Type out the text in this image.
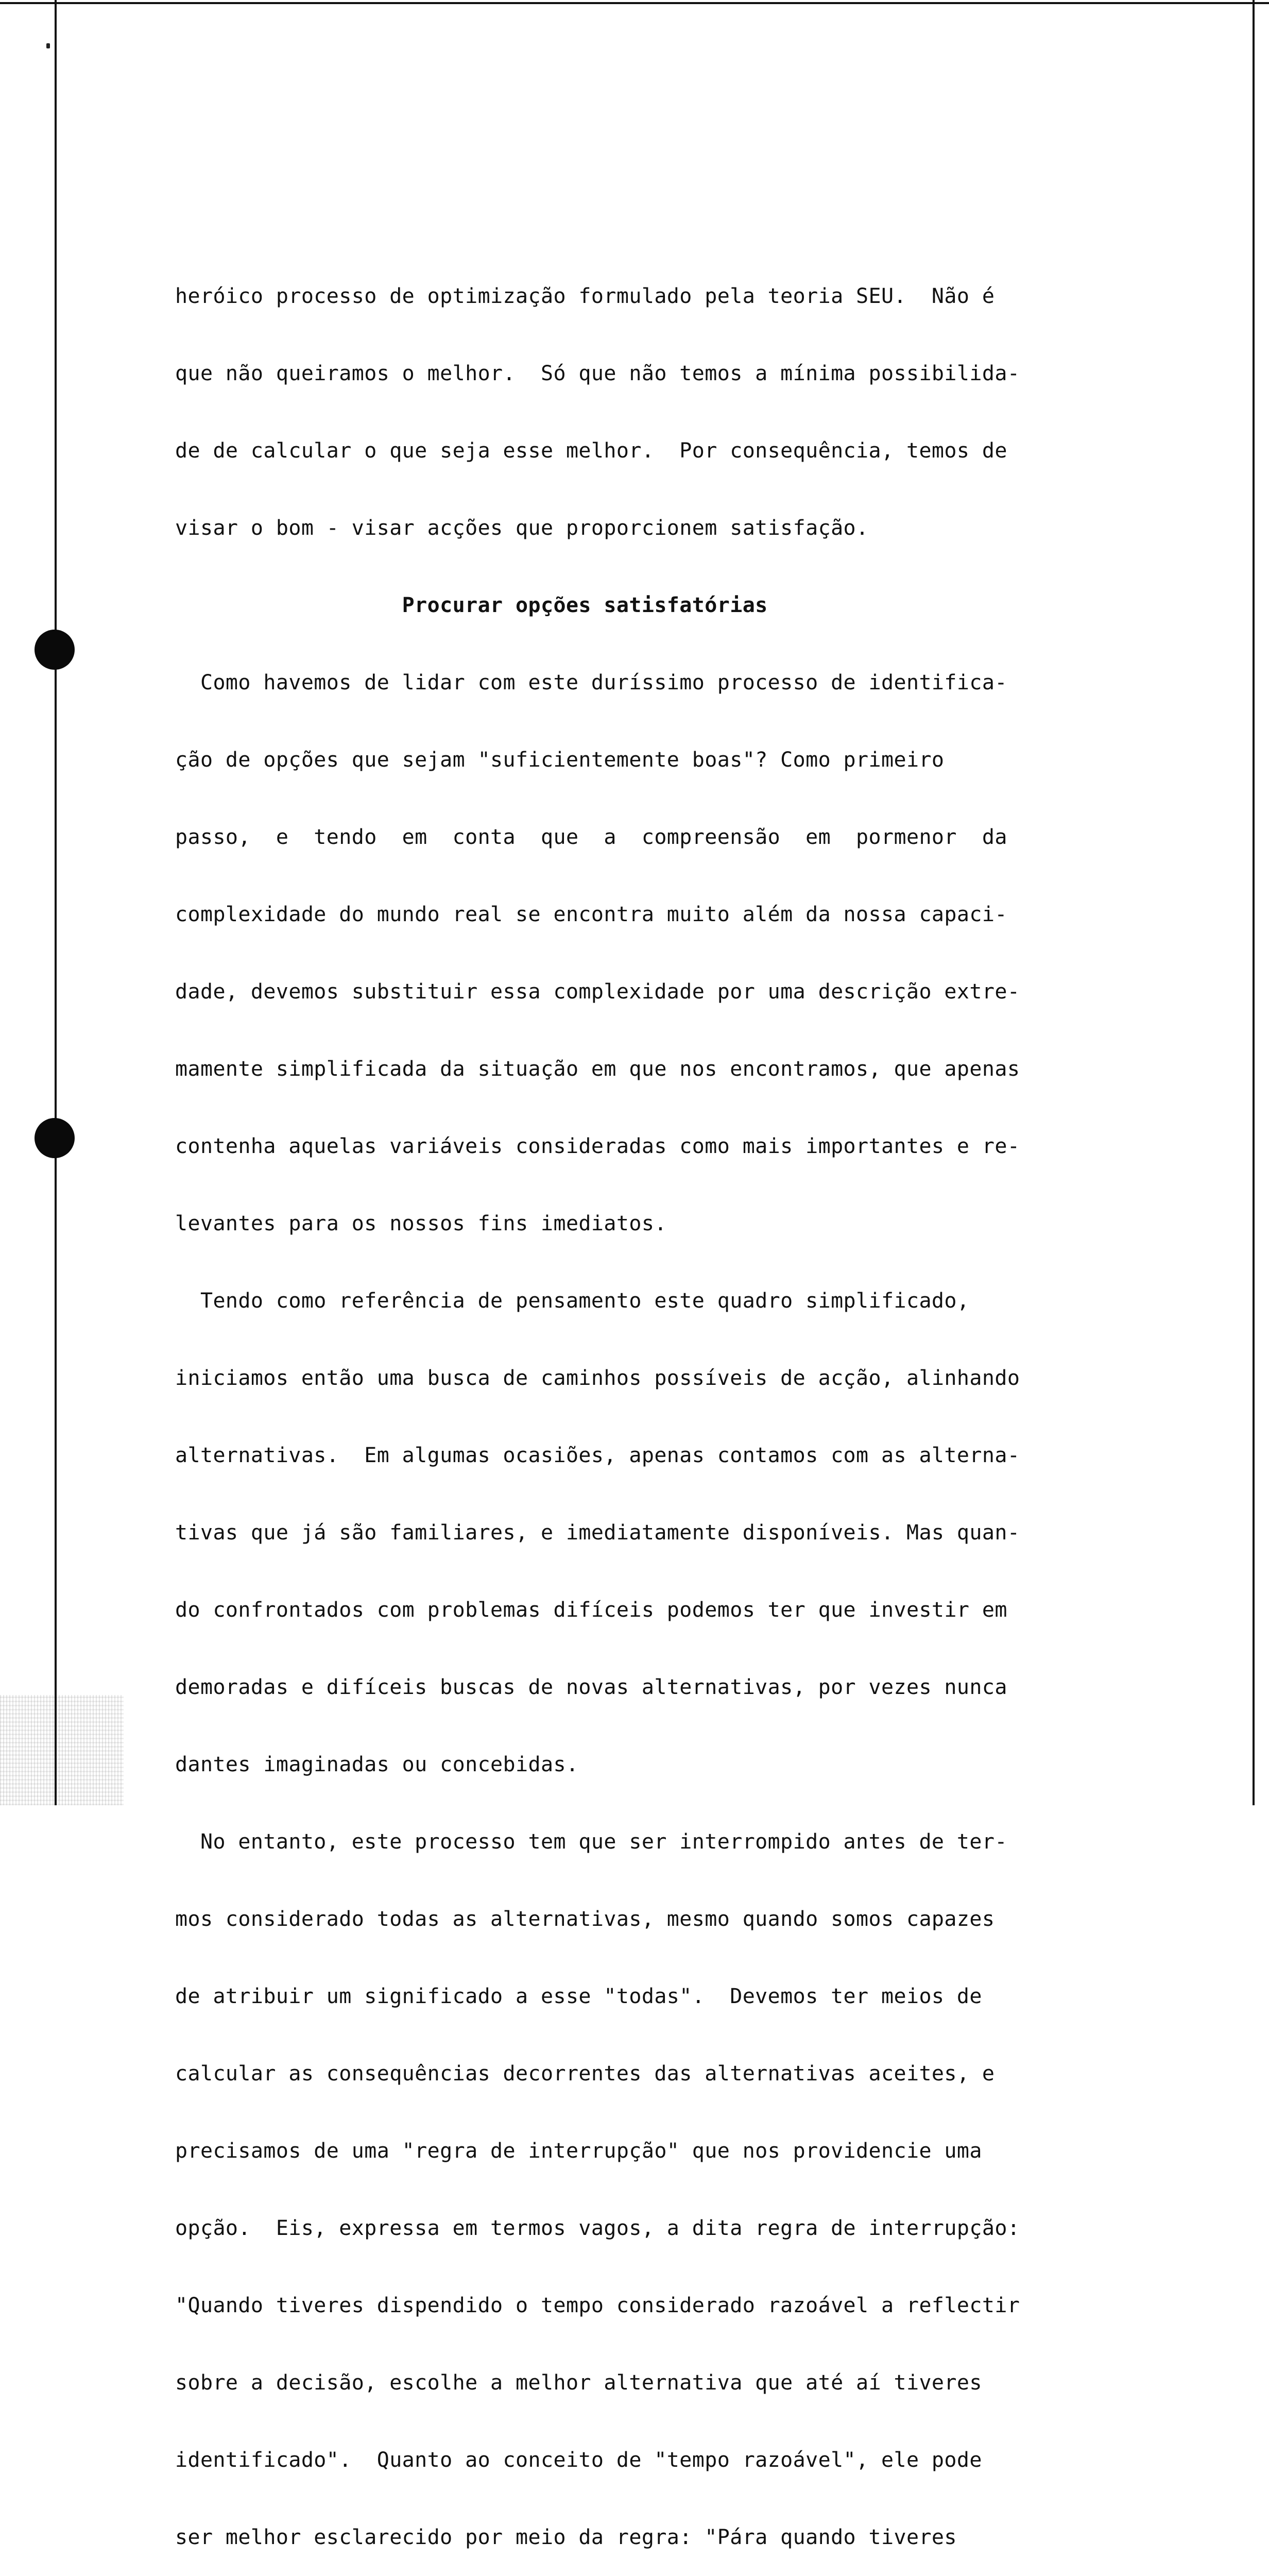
heróico processo de optimização formulado pela teoria SEU.  Não é

que não queiramos o melhor.  Só que não temos a mínima possibilida-

de de calcular o que seja esse melhor.  Por consequência, temos de

visar o bom - visar acções que proporcionem satisfação.

Procurar opções satisfatórias

Como havemos de lidar com este duríssimo processo de identifica-

ção de opções que sejam "suficientemente boas"? Como primeiro

passo,  e  tendo  em  conta  que  a  compreensão  em  pormenor  da

complexidade do mundo real se encontra muito além da nossa capaci-

dade, devemos substituir essa complexidade por uma descrição extre-

mamente simplificada da situação em que nos encontramos, que apenas

contenha aquelas variáveis consideradas como mais importantes e re-

levantes para os nossos fins imediatos.

Tendo como referência de pensamento este quadro simplificado,

iniciamos então uma busca de caminhos possíveis de acção, alinhando

alternativas.  Em algumas ocasiões, apenas contamos com as alterna-

tivas que já são familiares, e imediatamente disponíveis. Mas quan-

do confrontados com problemas difíceis podemos ter que investir em

demoradas e difíceis buscas de novas alternativas, por vezes nunca

dantes imaginadas ou concebidas.

No entanto, este processo tem que ser interrompido antes de ter-

mos considerado todas as alternativas, mesmo quando somos capazes

de atribuir um significado a esse "todas".  Devemos ter meios de

calcular as consequências decorrentes das alternativas aceites, e

precisamos de uma "regra de interrupção" que nos providencie uma

opção.  Eis, expressa em termos vagos, a dita regra de interrupção:

"Quando tiveres dispendido o tempo considerado razoável a reflectir

sobre a decisão, escolhe a melhor alternativa que até aí tiveres

identificado".  Quanto ao conceito de "tempo razoável", ele pode

ser melhor esclarecido por meio da regra: "Pára quando tiveres
